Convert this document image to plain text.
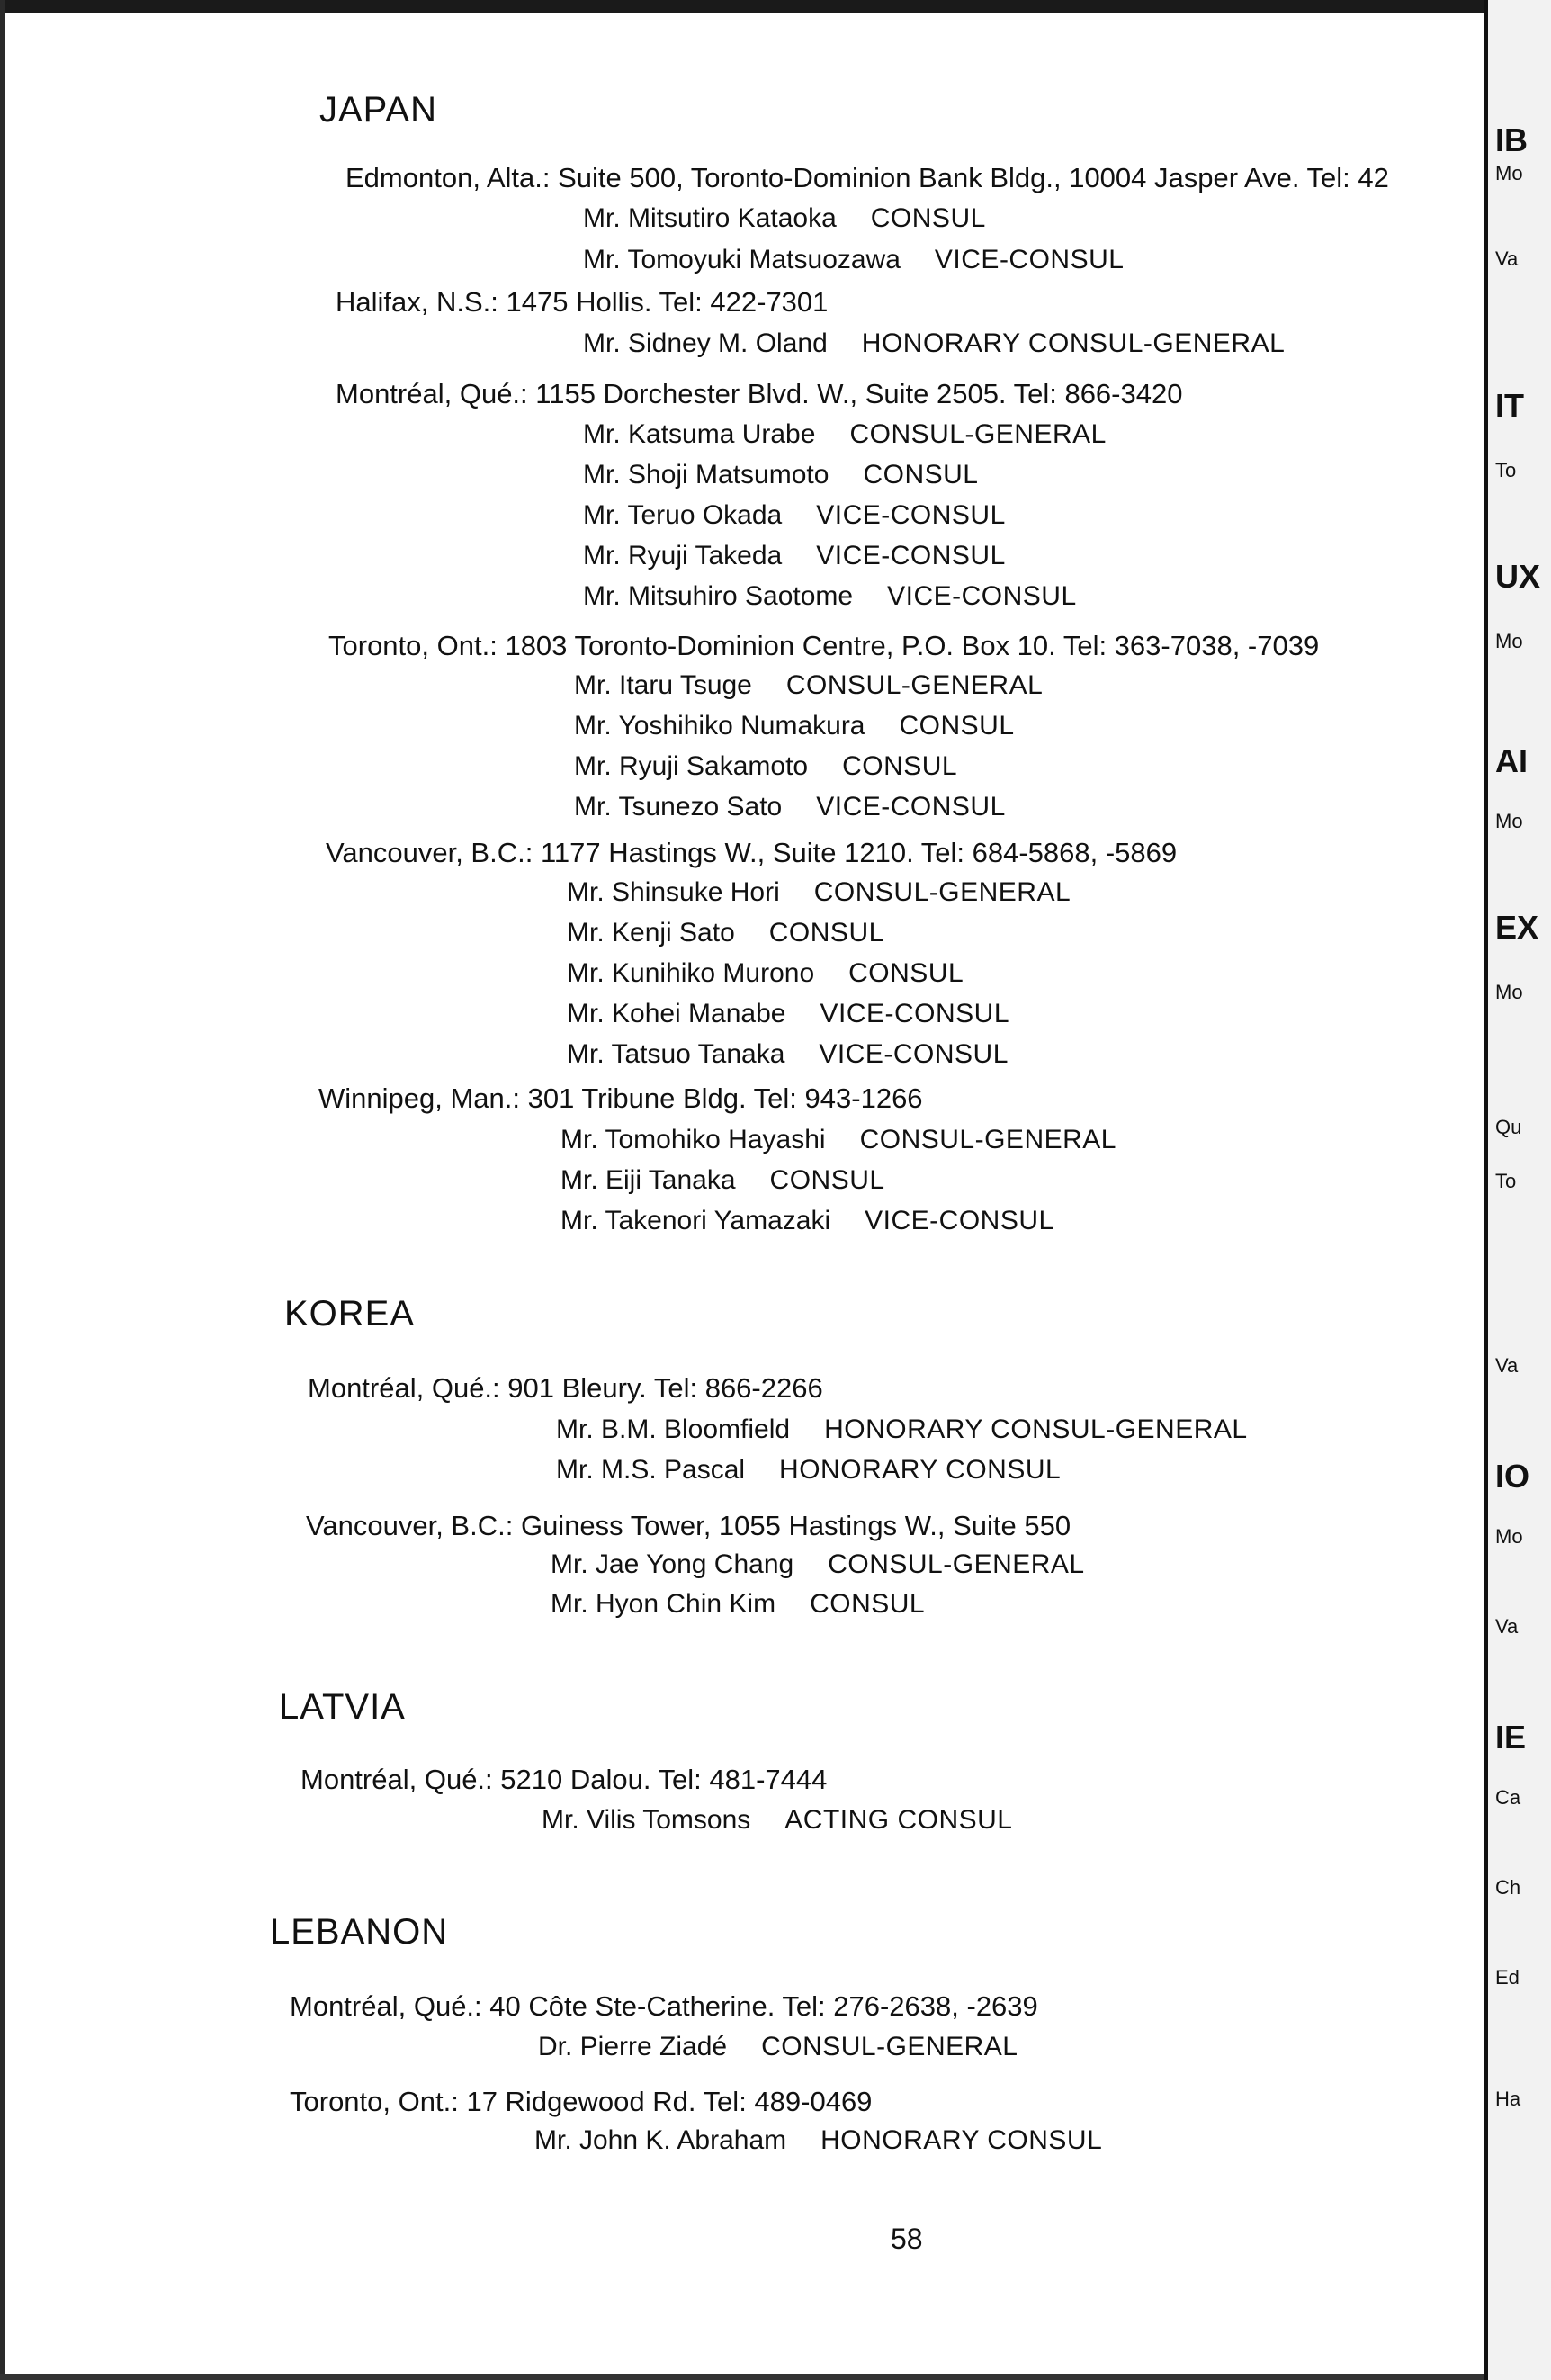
JAPAN
Edmonton, Alta.: Suite 500, Toronto-Dominion Bank Bldg., 10004 Jasper Ave. Tel: 42
Mr. Mitsutiro Kataoka CONSUL
Mr. Tomoyuki Matsuozawa VICE-CONSUL
Halifax, N.S.: 1475 Hollis. Tel: 422-7301
Mr. Sidney M. Oland HONORARY CONSUL-GENERAL
Montréal, Qué.: 1155 Dorchester Blvd. W., Suite 2505. Tel: 866-3420
Mr. Katsuma Urabe CONSUL-GENERAL
Mr. Shoji Matsumoto CONSUL
Mr. Teruo Okada VICE-CONSUL
Mr. Ryuji Takeda VICE-CONSUL
Mr. Mitsuhiro Saotome VICE-CONSUL
Toronto, Ont.: 1803 Toronto-Dominion Centre, P.O. Box 10. Tel: 363-7038, -7039
Mr. Itaru Tsuge CONSUL-GENERAL
Mr. Yoshihiko Numakura CONSUL
Mr. Ryuji Sakamoto CONSUL
Mr. Tsunezo Sato VICE-CONSUL
Vancouver, B.C.: 1177 Hastings W., Suite 1210. Tel: 684-5868, -5869
Mr. Shinsuke Hori CONSUL-GENERAL
Mr. Kenji Sato CONSUL
Mr. Kunihiko Murono CONSUL
Mr. Kohei Manabe VICE-CONSUL
Mr. Tatsuo Tanaka VICE-CONSUL
Winnipeg, Man.: 301 Tribune Bldg. Tel: 943-1266
Mr. Tomohiko Hayashi CONSUL-GENERAL
Mr. Eiji Tanaka CONSUL
Mr. Takenori Yamazaki VICE-CONSUL
KOREA
Montréal, Qué.: 901 Bleury. Tel: 866-2266
Mr. B.M. Bloomfield HONORARY CONSUL-GENERAL
Mr. M.S. Pascal HONORARY CONSUL
Vancouver, B.C.: Guiness Tower, 1055 Hastings W., Suite 550
Mr. Jae Yong Chang CONSUL-GENERAL
Mr. Hyon Chin Kim CONSUL
LATVIA
Montréal, Qué.: 5210 Dalou. Tel: 481-7444
Mr. Vilis Tomsons ACTING CONSUL
LEBANON
Montréal, Qué.: 40 Côte Ste-Catherine. Tel: 276-2638, -2639
Dr. Pierre Ziadé CONSUL-GENERAL
Toronto, Ont.: 17 Ridgewood Rd. Tel: 489-0469
Mr. John K. Abraham HONORARY CONSUL
58
IB
Mo
Va
IT
To
UX
Mo
AI
Mo
EX
Mo
Qu
To
Va
IO
Mo
Va
IE
Ca
Ch
Ed
Ha
